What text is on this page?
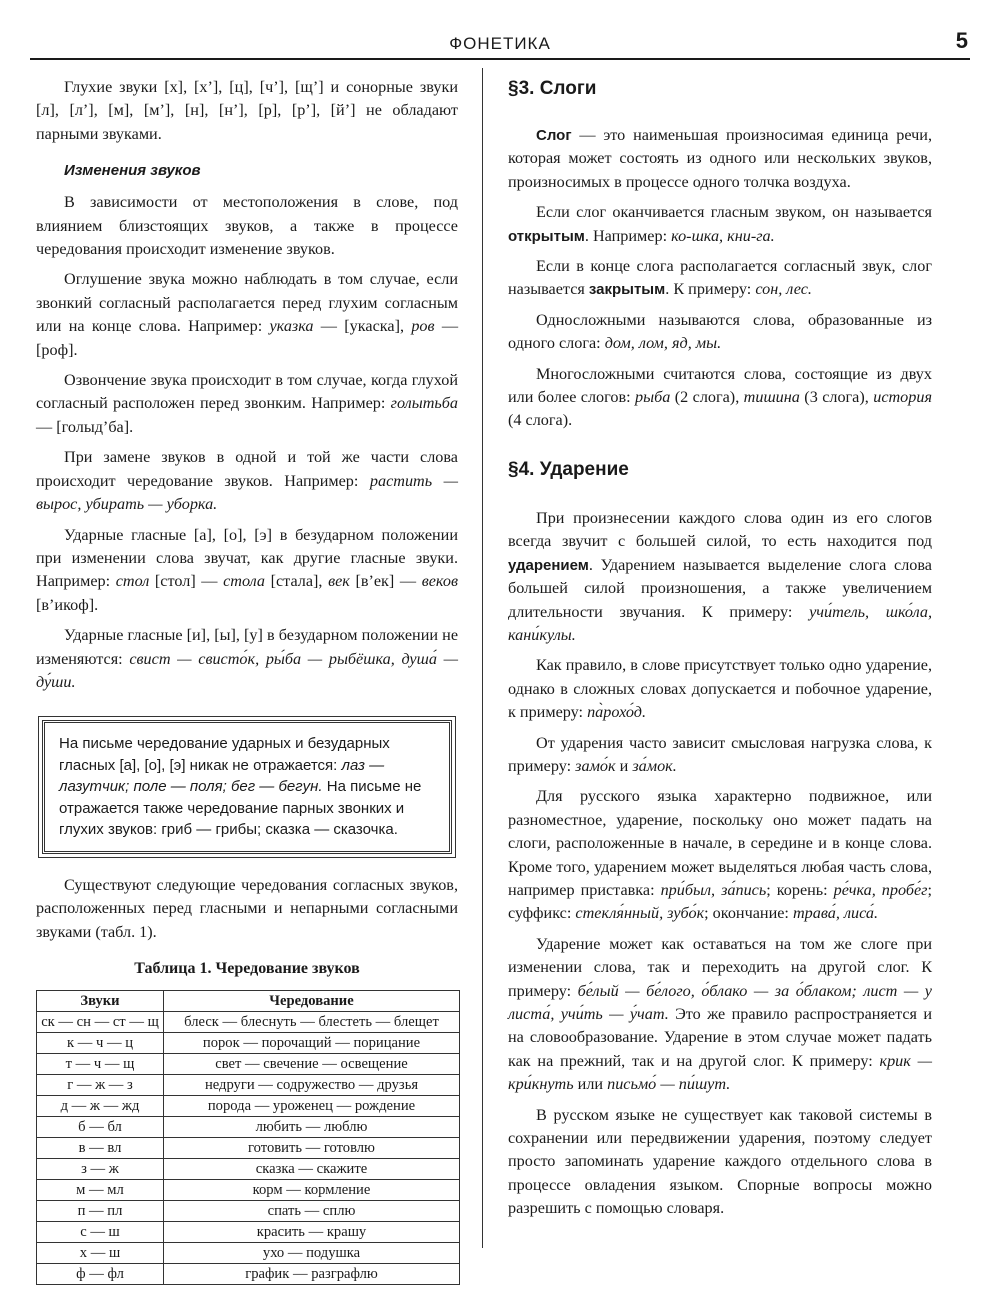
ФОНЕТИКА	5

Глухие звуки [х], [х’], [ц], [ч’], [щ’] и сонорные звуки [л], [л’], [м], [м’], [н], [н’], [р], [р’], [й’] не обладают парными звуками.

Изменения звуков

В зависимости от местоположения в слове, под влиянием близстоящих звуков, а также в процессе чередования происходит изменение звуков.

Оглушение звука можно наблюдать в том случае, если звонкий согласный располагается перед глухим согласным или на конце слова. Например: указка — [укаска], ров — [роф].

Озвончение звука происходит в том случае, когда глухой согласный расположен перед звонким. Например: голытьба — [голыд’ба].

При замене звуков в одной и той же части слова происходит чередование звуков. Например: растить — вырос, убирать — уборка.

Ударные гласные [а], [о], [э] в безударном положении при изменении слова звучат, как другие гласные звуки. Например: стол [стол] — стола [стала], век [в’ек] — веков [в’икоф].

Ударные гласные [и], [ы], [у] в безударном положении не изменяются: свист — свисто́к, ры́ба — рыбёшка, душа́ — ду́ши.

На письме чередование ударных и безударных гласных [а], [о], [э] никак не отражается: лаз — лазутчик; поле — поля; бег — бегун. На письме не отражается также чередование парных звонких и глухих звуков: гриб — грибы; сказка — сказочка.

Существуют следующие чередования согласных звуков, расположенных перед гласными и непарными согласными звуками (табл. 1).

Таблица 1. Чередование звуков
Звуки	Чередование
ск — сн — ст — щ	блеск — блеснуть — блестеть — блещет
к — ч — ц	порок — порочащий — порицание
т — ч — щ	свет — свечение — освещение
г — ж — з	недруги — содружество — друзья
д — ж — жд	порода — уроженец — рождение
б — бл	любить — люблю
в — вл	готовить — готовлю
з — ж	сказка — скажите
м — мл	корм — кормление
п — пл	спать — сплю
с — ш	красить — крашу
х — ш	ухо — подушка
ф — фл	график — разграфлю
§3. Слоги

Слог — это наименьшая произносимая единица речи, которая может состоять из одного или нескольких звуков, произносимых в процессе одного толчка воздуха.

Если слог оканчивается гласным звуком, он называется открытым. Например: ко-шка, кни-га.

Если в конце слога располагается согласный звук, слог называется закрытым. К примеру: сон, лес.

Односложными называются слова, образованные из одного слога: дом, лом, яд, мы.

Многосложными считаются слова, состоящие из двух или более слогов: рыба (2 слога), тишина (3 слога), история (4 слога).

§4. Ударение

При произнесении каждого слова один из его слогов всегда звучит с большей силой, то есть находится под ударением. Ударением называется выделение слога слова большей силой произношения, а также увеличением длительности звучания. К примеру: учи́тель, шко́ла, кани́кулы.

Как правило, в слове присутствует только одно ударение, однако в сложных словах допускается и побочное ударение, к примеру: па̀рохо́д.

От ударения часто зависит смысловая нагрузка слова, к примеру: замо́к и за́мок.

Для русского языка характерно подвижное, или разноместное, ударение, поскольку оно может падать на слоги, расположенные в начале, в середине и в конце слова. Кроме того, ударением может выделяться любая часть слова, например приставка: при́был, за́пись; корень: ре́чка, пробе́г; суффикс: стекля́нный, зубо́к; окончание: трава́, лиса́.

Ударение может как оставаться на том же слоге при изменении слова, так и переходить на другой слог. К примеру: бе́лый — бе́лого, о́блако — за о́блаком; лист — у листа́, учи́ть — у́чат. Это же правило распространяется и на словообразование. Ударение в этом случае может падать как на прежний, так и на другой слог. К примеру: крик — кри́кнуть или письмо́ — пи́шут.

В русском языке не существует как таковой системы в сохранении или передвижении ударения, поэтому следует просто запоминать ударение каждого отдельного слова в процессе овладения языком. Спорные вопросы можно разрешить с помощью словаря.
